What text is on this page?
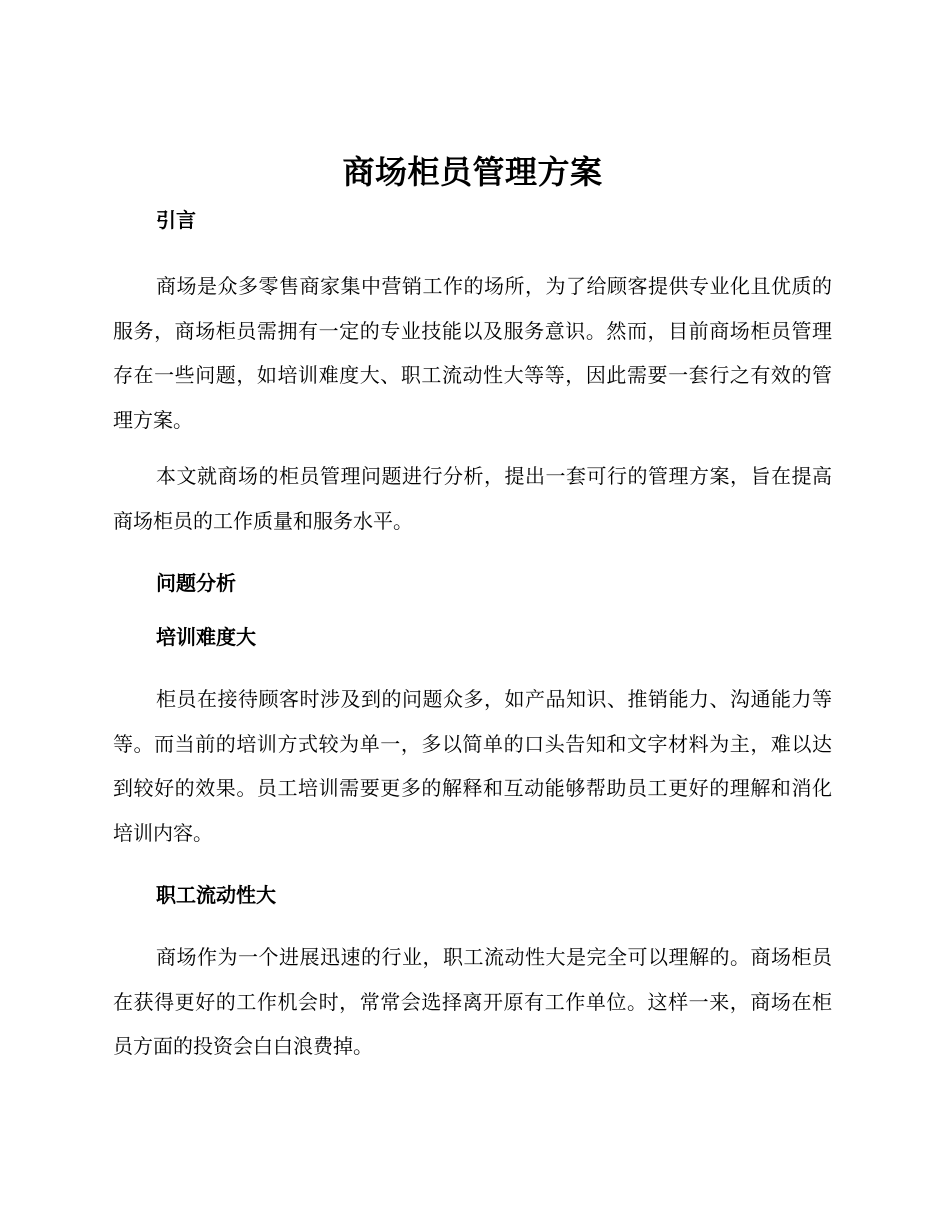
商场柜员管理方案

引言

商场是众多零售商家集中营销工作的场所，为了给顾客提供专业化且优质的服务，商场柜员需拥有一定的专业技能以及服务意识。然而，目前商场柜员管理存在一些问题，如培训难度大、职工流动性大等等，因此需要一套行之有效的管理方案。

本文就商场的柜员管理问题进行分析，提出一套可行的管理方案，旨在提高商场柜员的工作质量和服务水平。

问题分析

培训难度大

柜员在接待顾客时涉及到的问题众多，如产品知识、推销能力、沟通能力等等。而当前的培训方式较为单一，多以简单的口头告知和文字材料为主，难以达到较好的效果。员工培训需要更多的解释和互动能够帮助员工更好的理解和消化培训内容。

职工流动性大

商场作为一个进展迅速的行业，职工流动性大是完全可以理解的。商场柜员在获得更好的工作机会时，常常会选择离开原有工作单位。这样一来，商场在柜员方面的投资会白白浪费掉。
